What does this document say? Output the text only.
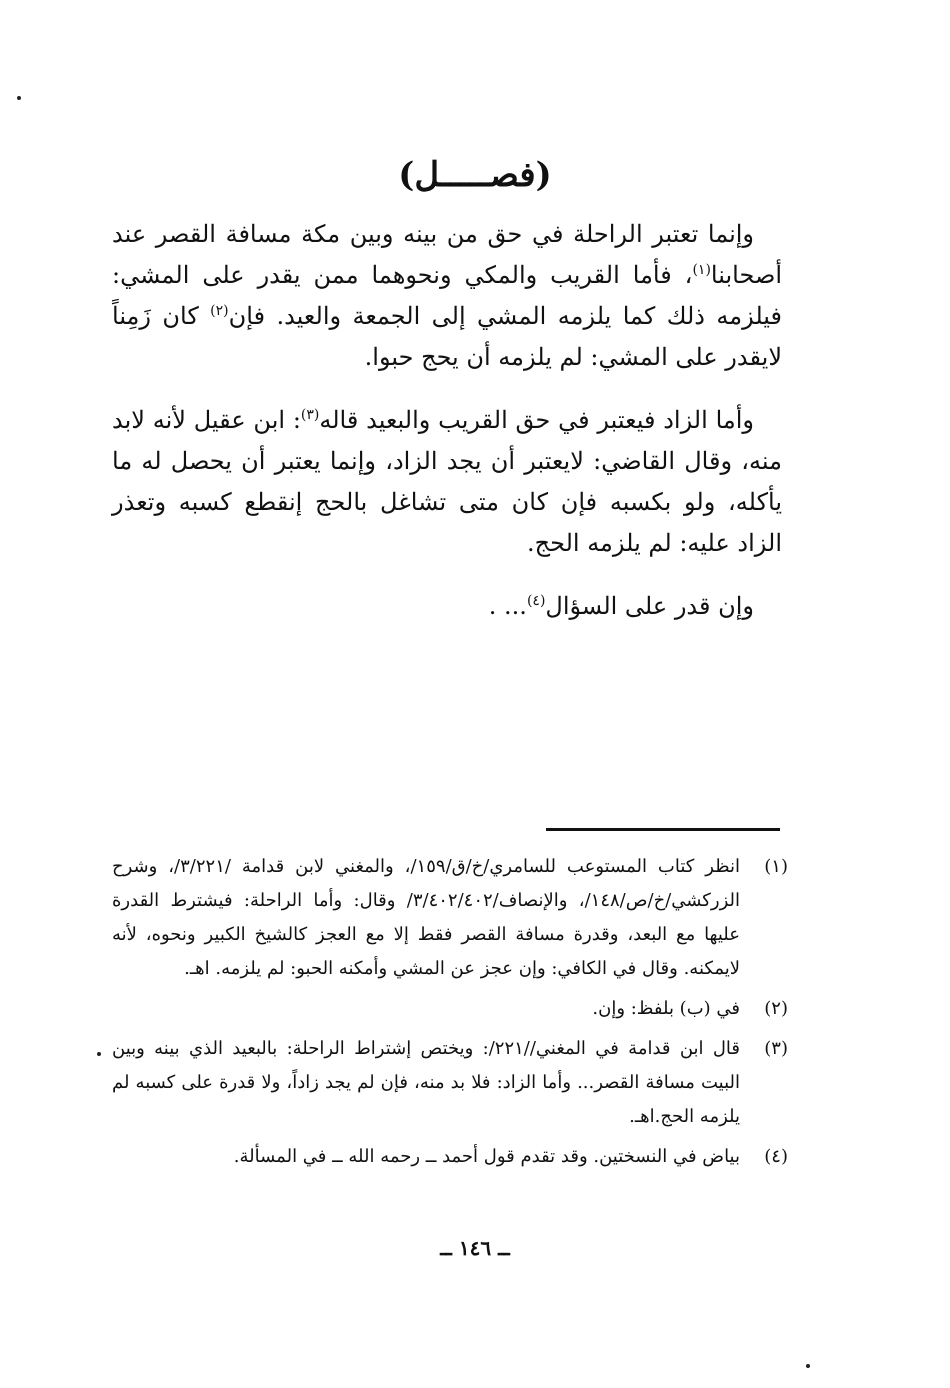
(فصـــــل)

وإنما تعتبر الراحلة في حق من بينه وبين مكة مسافة القصر عند أصحابنا$^{(١)}$، فأما القريب والمكي ونحوهما ممن يقدر على المشي: فيلزمه ذلك كما يلزمه المشي إلى الجمعة والعيد. فإن$^{(٢)}$ كان زَمِناً لايقدر على المشي: لم يلزمه أن يحج حبوا.

وأما الزاد فيعتبر في حق القريب والبعيد قاله$^{(٣)}$: ابن عقيل لأنه لابد منه، وقال القاضي: لايعتبر أن يجد الزاد، وإنما يعتبر أن يحصل له ما يأكله، ولو بكسبه فإن كان متى تشاغل بالحج إنقطع كسبه وتعذر الزاد عليه: لم يلزمه الحج.

وإن قدر على السؤال$^{(٤)}$... .

(١)
انظر كتاب المستوعب للسامري/خ/ق/١٥٩/، والمغني لابن قدامة /٣/٢٢١/، وشرح الزركشي/خ/ص/١٤٨/، والإنصاف/٣/٤٠٢/٤٠٢/ وقال: وأما الراحلة: فيشترط القدرة عليها مع البعد، وقدرة مسافة القصر فقط إلا مع العجز كالشيخ الكبير ونحوه، لأنه لايمكنه. وقال في الكافي: وإن عجز عن المشي وأمكنه الحبو: لم يلزمه. اهـ.
(٢)
في (ب) بلفظ: وإن.
(٣)
قال ابن قدامة في المغني//٢٢١/: ويختص إشتراط الراحلة: بالبعيد الذي بينه وبين البيت مسافة القصر... وأما الزاد: فلا بد منه، فإن لم يجد زاداً، ولا قدرة على كسبه لم يلزمه الحج.اهـ.
(٤)
بياض في النسختين. وقد تقدم قول أحمد ــ رحمه الله ــ في المسألة.
ــ ١٤٦ ــ
